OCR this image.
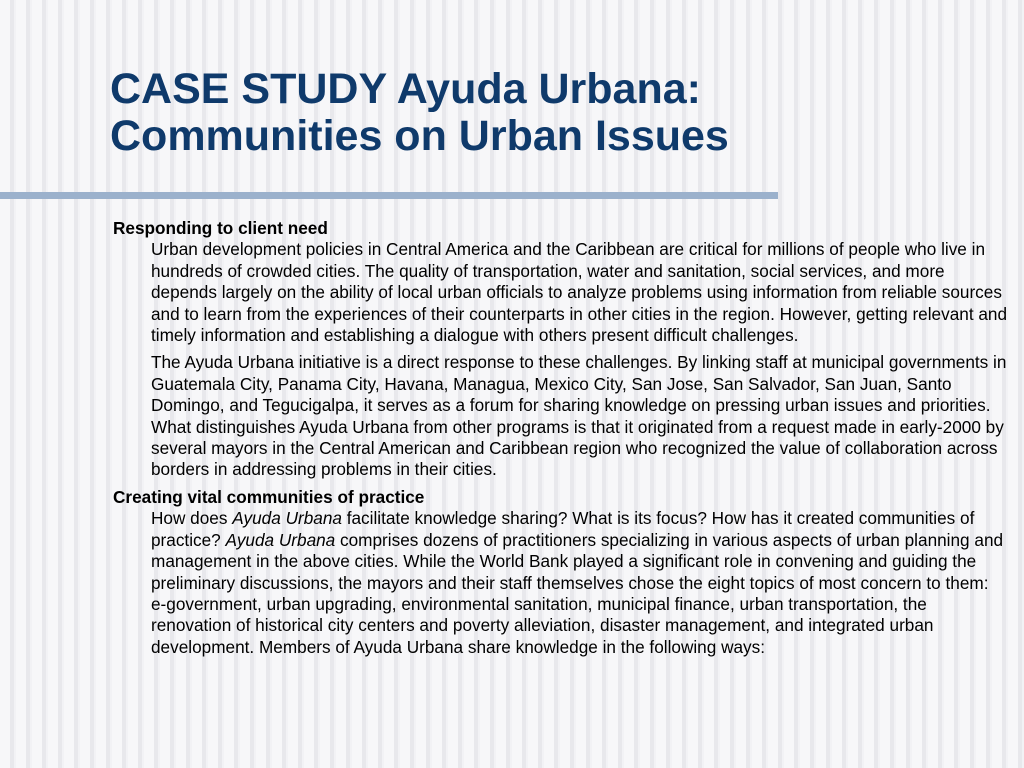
CASE STUDY Ayuda Urbana:
Communities on Urban Issues
Responding to client need
Urban development policies in Central America and the Caribbean are critical for millions of people who live in hundreds of crowded cities. The quality of transportation, water and sanitation, social services, and more depends largely on the ability of local urban officials to analyze problems using information from reliable sources and to learn from the experiences of their counterparts in other cities in the region. However, getting relevant and timely information and establishing a dialogue with others present difficult challenges.
The Ayuda Urbana initiative is a direct response to these challenges. By linking staff at municipal governments in Guatemala City, Panama City, Havana, Managua, Mexico City, San Jose, San Salvador, San Juan, Santo Domingo, and Tegucigalpa, it serves as a forum for sharing knowledge on pressing urban issues and priorities. What distinguishes Ayuda Urbana from other programs is that it originated from a request made in early-2000 by several mayors in the Central American and Caribbean region who recognized the value of collaboration across borders in addressing problems in their cities.
Creating vital communities of practice
How does Ayuda Urbana facilitate knowledge sharing? What is its focus? How has it created communities of practice? Ayuda Urbana comprises dozens of practitioners specializing in various aspects of urban planning and management in the above cities. While the World Bank played a significant role in convening and guiding the preliminary discussions, the mayors and their staff themselves chose the eight topics of most concern to them: e-government, urban upgrading, environmental sanitation, municipal finance, urban transportation, the renovation of historical city centers and poverty alleviation, disaster management, and integrated urban development. Members of Ayuda Urbana share knowledge in the following ways:
